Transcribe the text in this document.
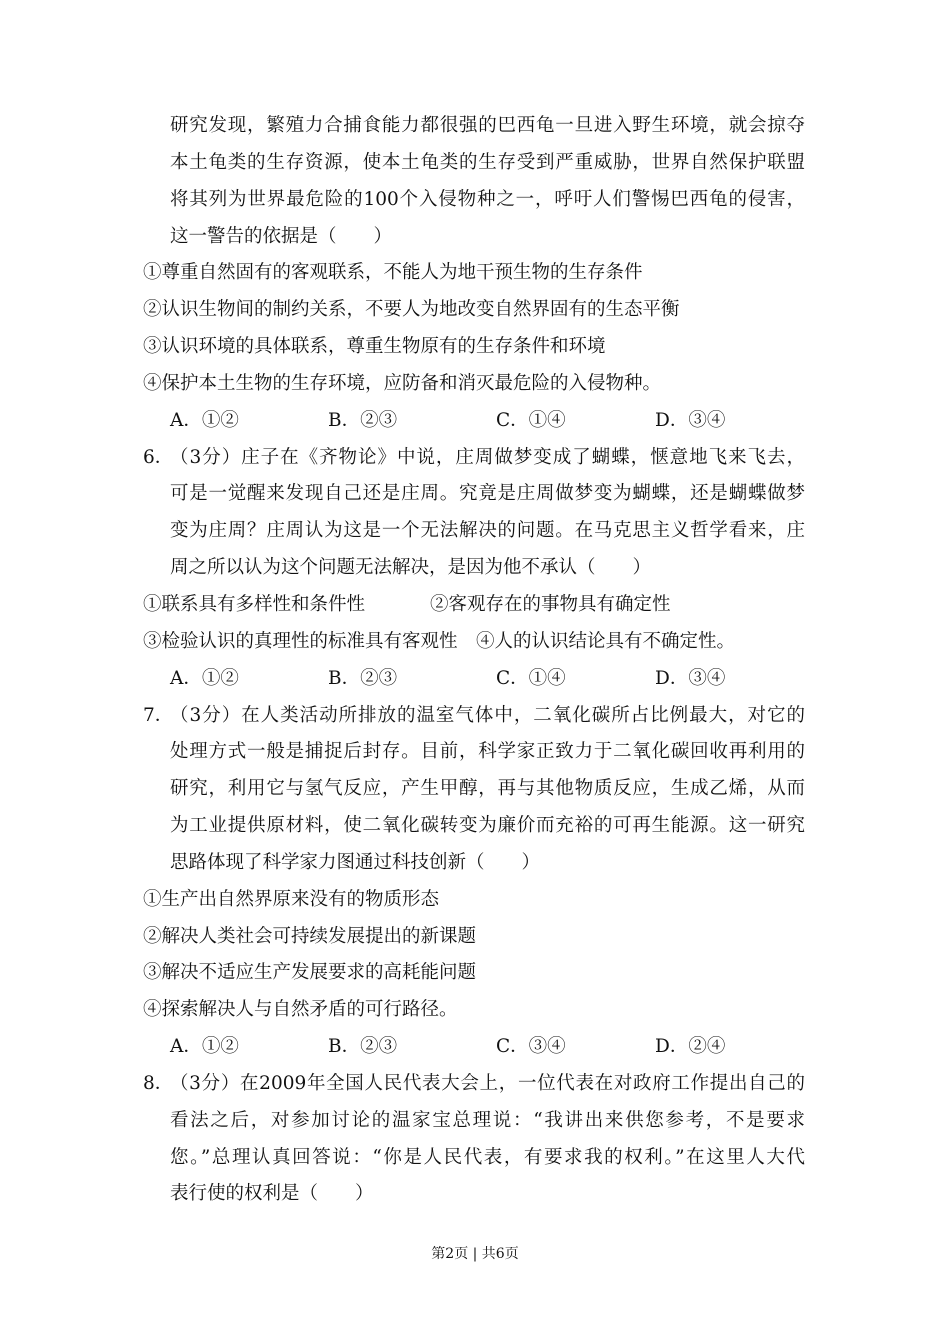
研究发现，繁殖力合捕食能力都很强的巴西龟一旦进入野生环境，就会掠夺
本土龟类的生存资源，使本土龟类的生存受到严重威胁，世界自然保护联盟
将其列为世界最危险的100个入侵物种之一，呼吁人们警惕巴西龟的侵害，
这一警告的依据是（　　）
①尊重自然固有的客观联系，不能人为地干预生物的生存条件
②认识生物间的制约关系，不要人为地改变自然界固有的生态平衡
③认识环境的具体联系，尊重生物原有的生存条件和环境
④保护本土生物的生存环境，应防备和消灭最危险的入侵物种。
A．①②	B．②③	C．①④	D．③④
6．
（3分）庄子在《齐物论》中说，庄周做梦变成了蝴蝶，惬意地飞来飞去，
可是一觉醒来发现自己还是庄周。究竟是庄周做梦变为蝴蝶，还是蝴蝶做梦
变为庄周？庄周认为这是一个无法解决的问题。在马克思主义哲学看来，庄
周之所以认为这个问题无法解决，是因为他不承认（　　）
①联系具有多样性和条件性	②客观存在的事物具有确定性
③检验认识的真理性的标准具有客观性　④人的认识结论具有不确定性。
A．①②	B．②③	C．①④	D．③④
7．
（3分）在人类活动所排放的温室气体中，二氧化碳所占比例最大，对它的
处理方式一般是捕捉后封存。目前，科学家正致力于二氧化碳回收再利用的
研究，利用它与氢气反应，产生甲醇，再与其他物质反应，生成乙烯，从而
为工业提供原材料，使二氧化碳转变为廉价而充裕的可再生能源。这一研究
思路体现了科学家力图通过科技创新（　　）
①生产出自然界原来没有的物质形态
②解决人类社会可持续发展提出的新课题
③解决不适应生产发展要求的高耗能问题
④探索解决人与自然矛盾的可行路径。
A．①②	B．②③	C．③④	D．②④
8．
（3分）在2009年全国人民代表大会上，一位代表在对政府工作提出自己的
看法之后，对参加讨论的温家宝总理说：“我讲出来供您参考，不是要求
您。”总理认真回答说：“你是人民代表，有要求我的权利。”在这里人大代
表行使的权利是（　　）
第2页 | 共6页
